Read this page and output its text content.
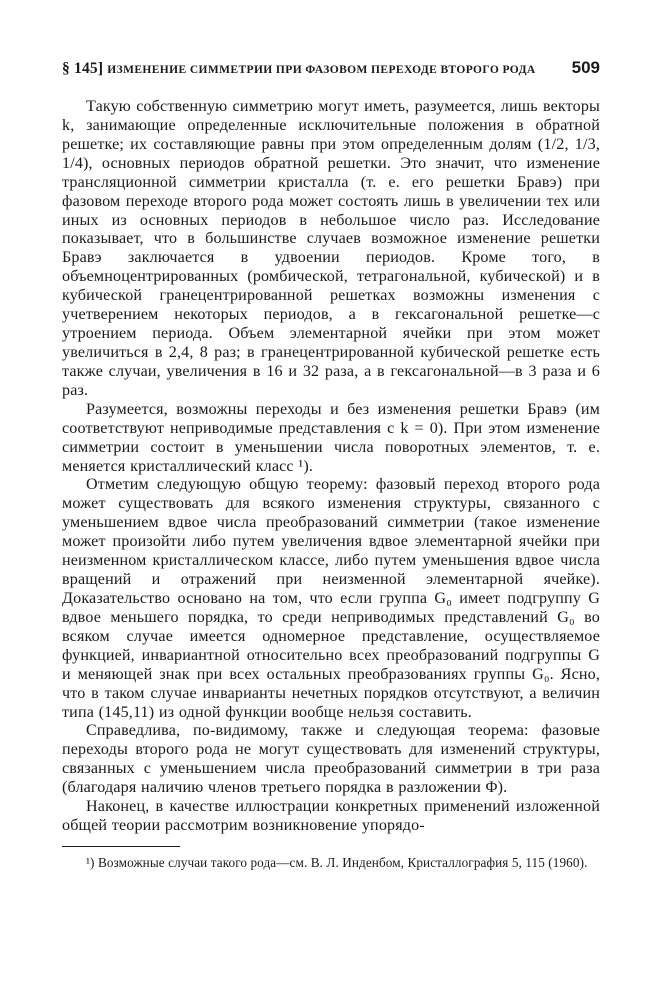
§ 145] ИЗМЕНЕНИЕ СИММЕТРИИ ПРИ ФАЗОВОМ ПЕРЕХОДЕ ВТОРОГО РОДА 509

Такую собственную симметрию могут иметь, разумеется, лишь векторы k, занимающие определенные исключительные положения в обратной решетке; их составляющие равны при этом определенным долям (1/2, 1/3, 1/4), основных периодов обратной решетки. Это значит, что изменение трансляционной симметрии кристалла (т. е. его решетки Бравэ) при фазовом переходе второго рода может состоять лишь в увеличении тех или иных из основных периодов в небольшое число раз. Исследование показывает, что в большинстве случаев возможное изменение решетки Бравэ заключается в удвоении периодов. Кроме того, в объемноцентрированных (ромбической, тетрагональной, кубической) и в кубической гранецентрированной решетках возможны изменения с учетверением некоторых периодов, а в гексагональной решетке—с утроением периода. Объем элементарной ячейки при этом может увеличиться в 2,4, 8 раз; в гранецентрированной кубической решетке есть также случаи, увеличения в 16 и 32 раза, а в гексагональной—в 3 раза и 6 раз.

Разумеется, возможны переходы и без изменения решетки Бравэ (им соответствуют неприводимые представления с k = 0). При этом изменение симметрии состоит в уменьшении числа поворотных элементов, т. е. меняется кристаллический класс ¹).

Отметим следующую общую теорему: фазовый переход второго рода может существовать для всякого изменения структуры, связанного с уменьшением вдвое числа преобразований симметрии (такое изменение может произойти либо путем увеличения вдвое элементарной ячейки при неизменном кристаллическом классе, либо путем уменьшения вдвое числа вращений и отражений при неизменной элементарной ячейке). Доказательство основано на том, что если группа G₀ имеет подгруппу G вдвое меньшего порядка, то среди неприводимых представлений G₀ во всяком случае имеется одномерное представление, осуществляемое функцией, инвариантной относительно всех преобразований подгруппы G и меняющей знак при всех остальных преобразованиях группы G₀. Ясно, что в таком случае инварианты нечетных порядков отсутствуют, а величин типа (145,11) из одной функции вообще нельзя составить.

Справедлива, по-видимому, также и следующая теорема: фазовые переходы второго рода не могут существовать для изменений структуры, связанных с уменьшением числа преобразований симметрии в три раза (благодаря наличию членов третьего порядка в разложении Φ).

Наконец, в качестве иллюстрации конкретных применений изложенной общей теории рассмотрим возникновение упорядо-

¹) Возможные случаи такого рода—см. В. Л. Инденбом, Кристаллография 5, 115 (1960).
